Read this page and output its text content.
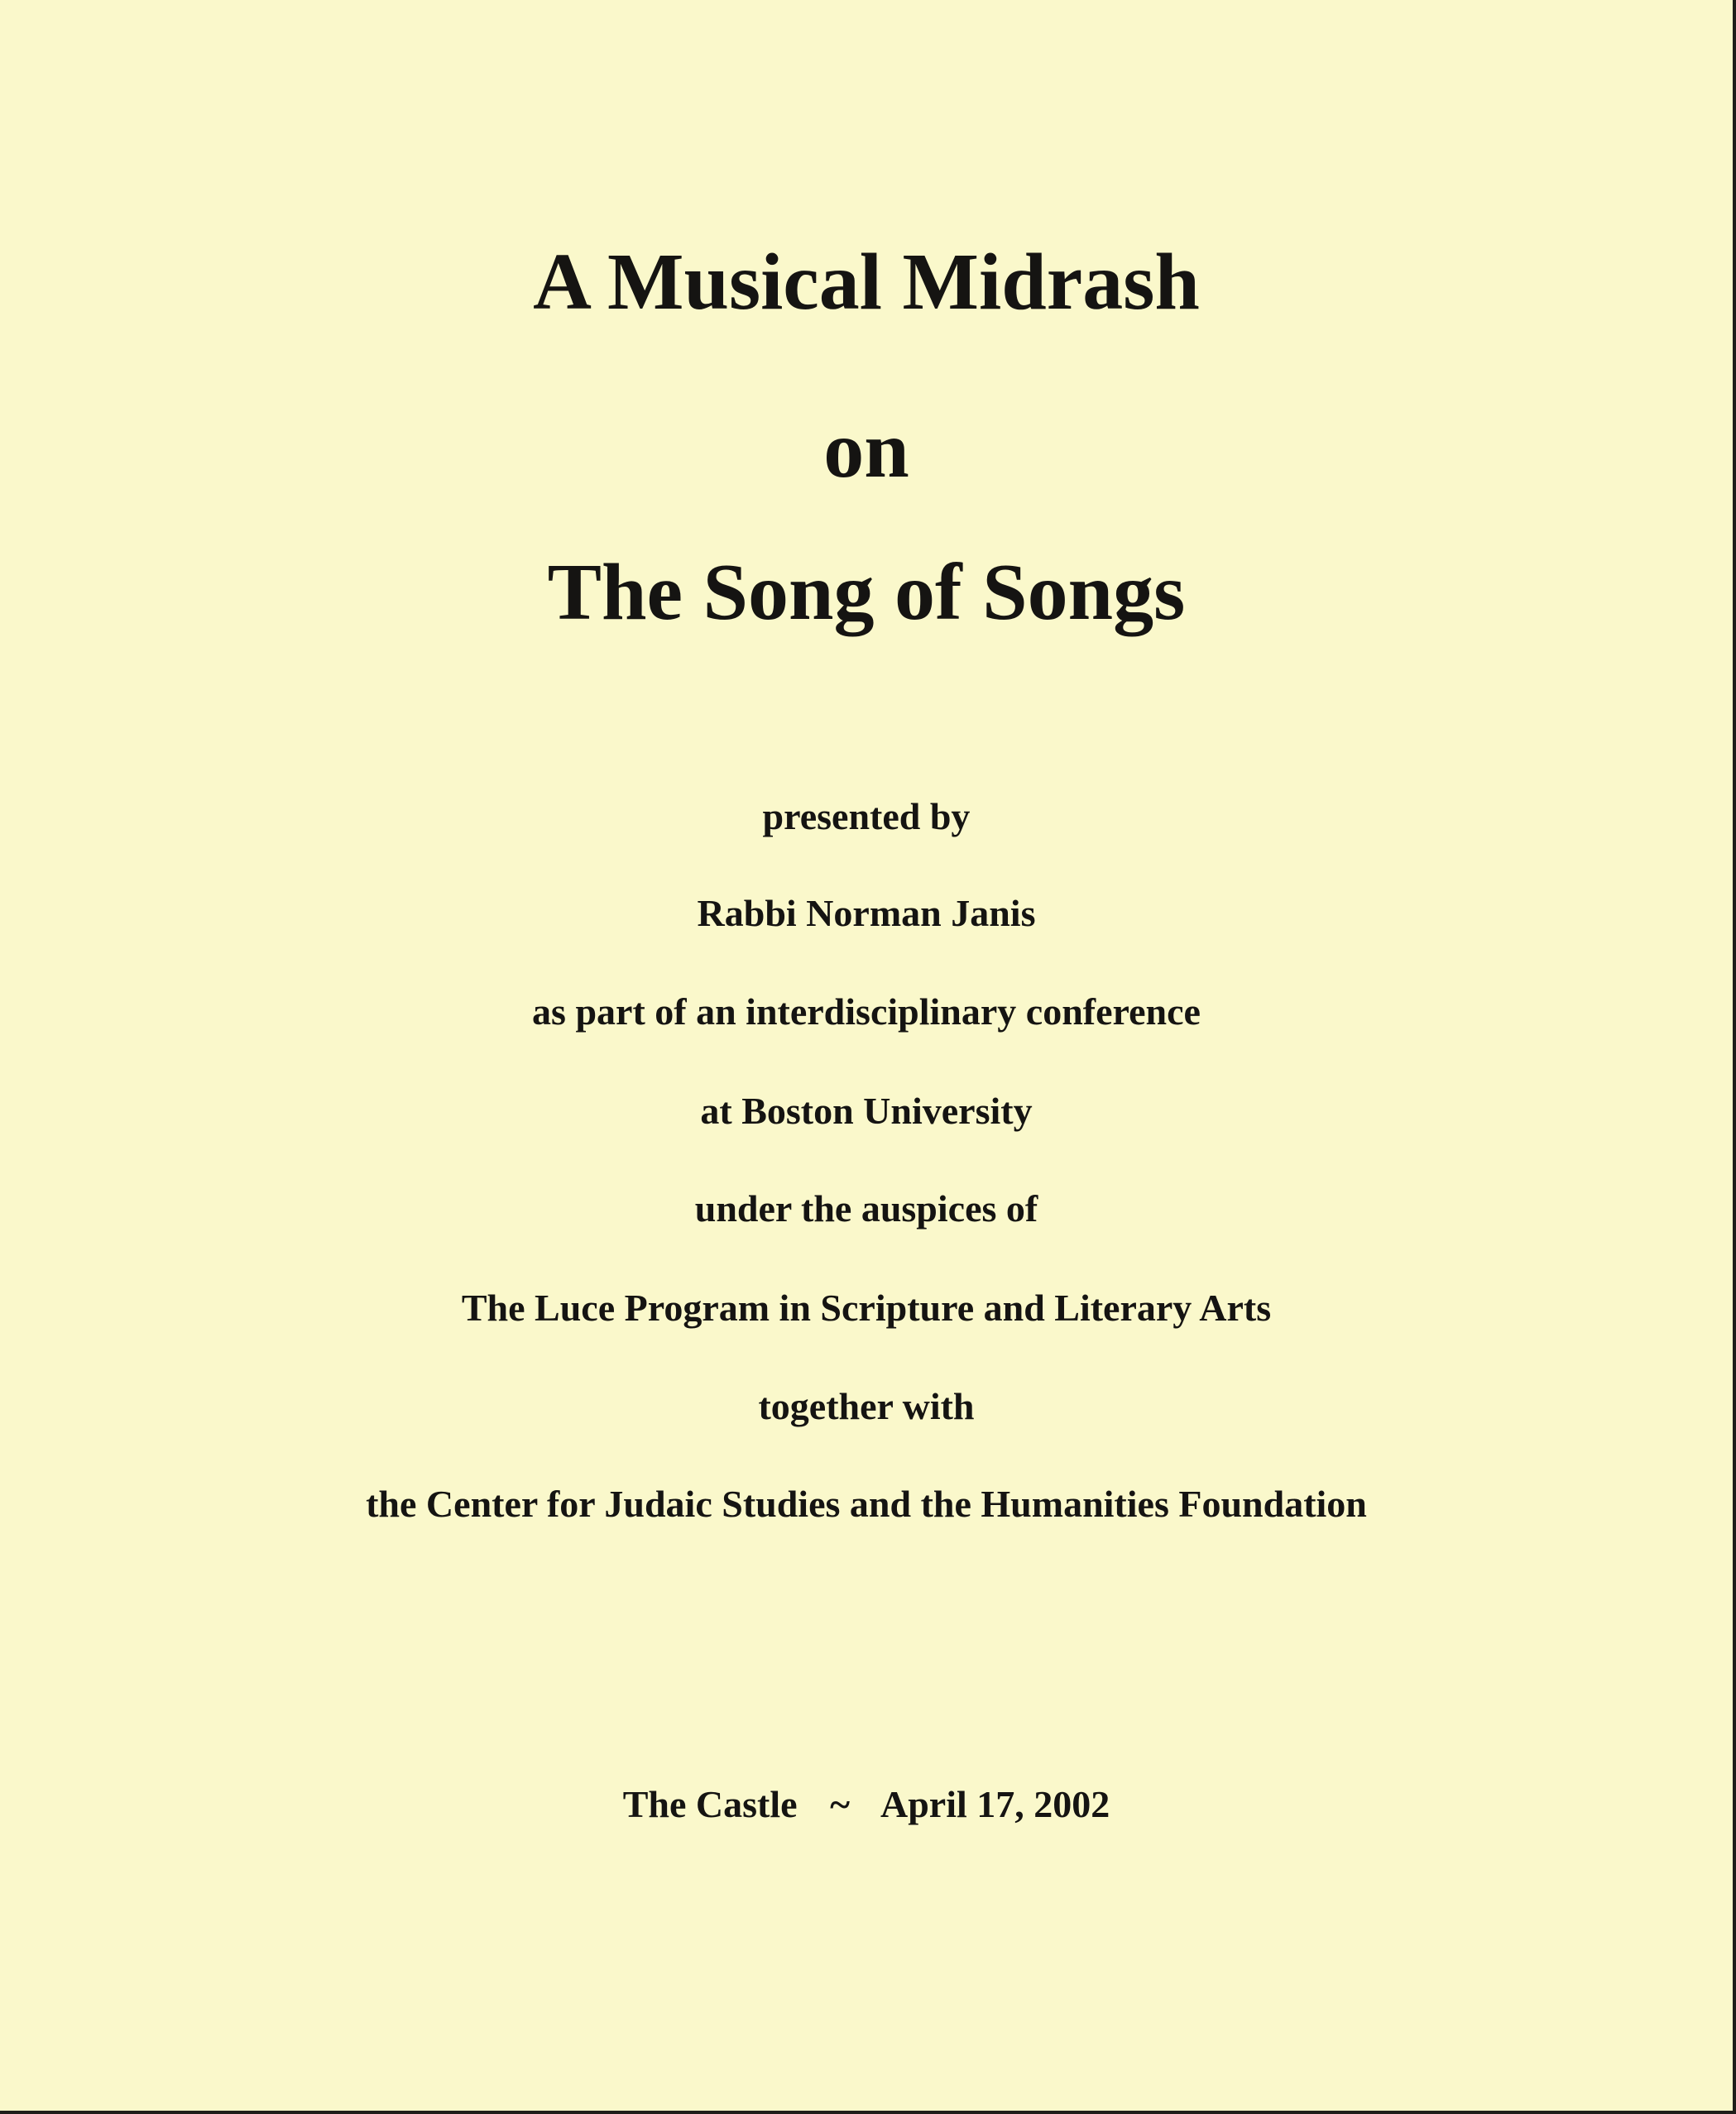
A Musical Midrash
on
The Song of Songs
presented by
Rabbi Norman Janis
as part of an interdisciplinary conference
at Boston University
under the auspices of
The Luce Program in Scripture and Literary Arts
together with
the Center for Judaic Studies and the Humanities Foundation
The Castle ~ April 17, 2002
